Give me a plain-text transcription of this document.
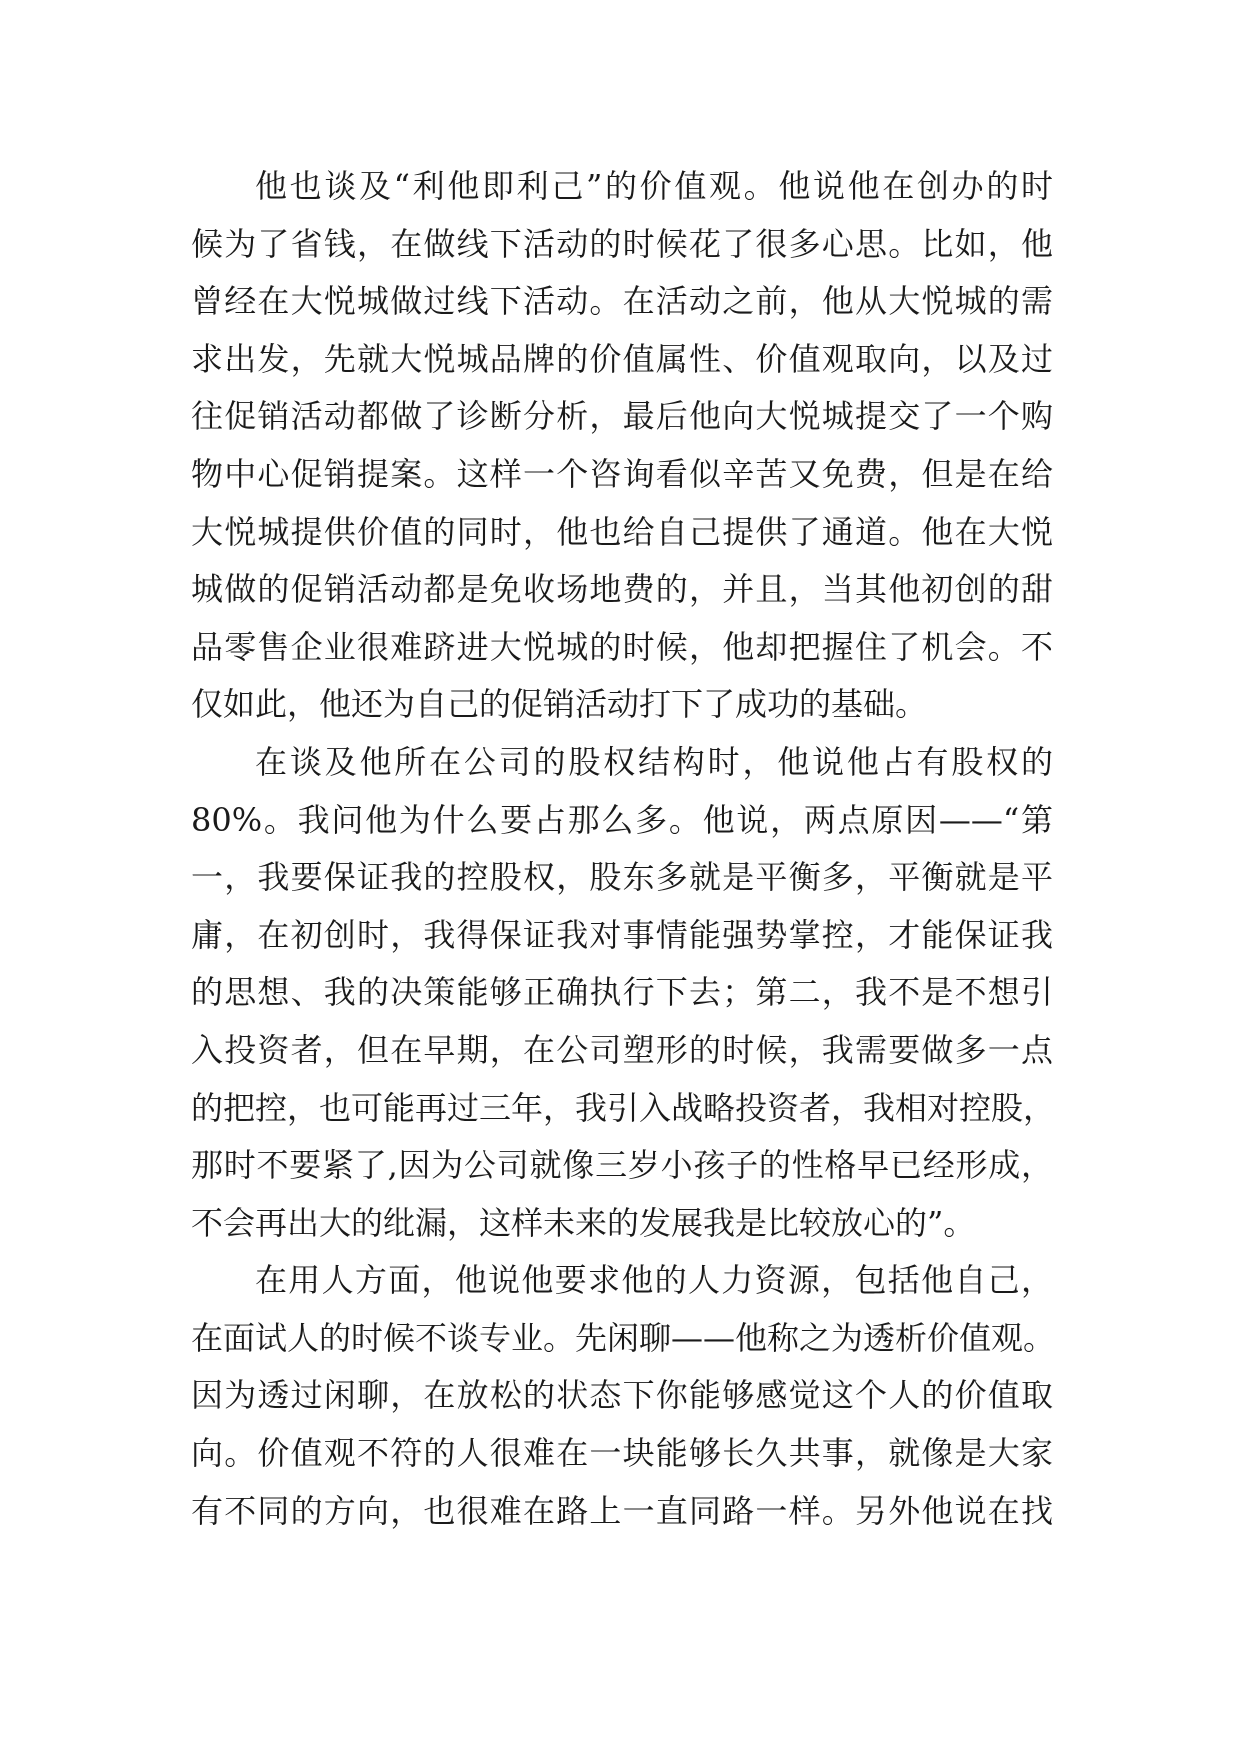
他也谈及“利他即利己”的价值观。他说他在创办的时
候为了省钱，在做线下活动的时候花了很多心思。比如，他
曾经在大悦城做过线下活动。在活动之前，他从大悦城的需
求出发，先就大悦城品牌的价值属性、价值观取向，以及过
往促销活动都做了诊断分析，最后他向大悦城提交了一个购
物中心促销提案。这样一个咨询看似辛苦又免费，但是在给
大悦城提供价值的同时，他也给自己提供了通道。他在大悦
城做的促销活动都是免收场地费的，并且，当其他初创的甜
品零售企业很难跻进大悦城的时候，他却把握住了机会。不
仅如此，他还为自己的促销活动打下了成功的基础。
在谈及他所在公司的股权结构时，他说他占有股权的
80%。我问他为什么要占那么多。他说，两点原因——“第
一，我要保证我的控股权，股东多就是平衡多，平衡就是平
庸，在初创时，我得保证我对事情能强势掌控，才能保证我
的思想、我的决策能够正确执行下去；第二，我不是不想引
入投资者，但在早期，在公司塑形的时候，我需要做多一点
的把控，也可能再过三年，我引入战略投资者，我相对控股，
那时不要紧了,因为公司就像三岁小孩子的性格早已经形成，
不会再出大的纰漏，这样未来的发展我是比较放心的”。
在用人方面，他说他要求他的人力资源，包括他自己，
在面试人的时候不谈专业。先闲聊——他称之为透析价值观。
因为透过闲聊，在放松的状态下你能够感觉这个人的价值取
向。价值观不符的人很难在一块能够长久共事，就像是大家
有不同的方向，也很难在路上一直同路一样。另外他说在找
